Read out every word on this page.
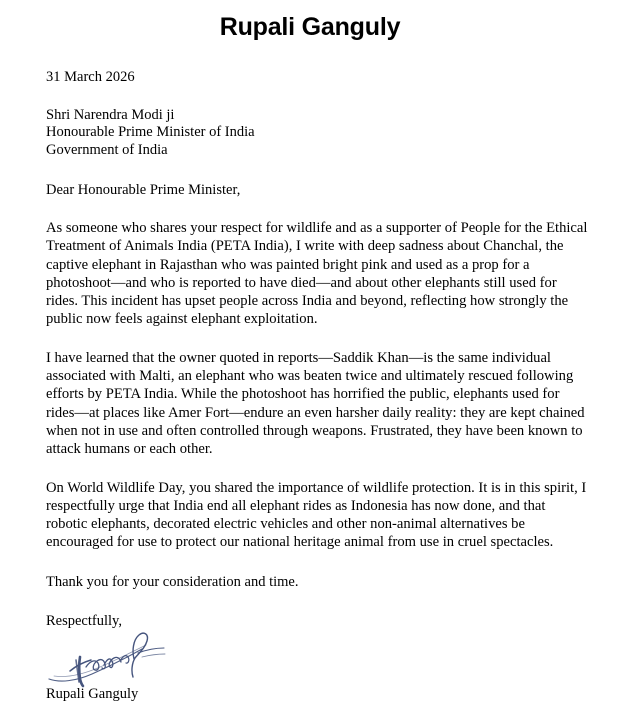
Rupali Ganguly
31 March 2026
Shri Narendra Modi ji
Honourable Prime Minister of India
Government of India
Dear Honourable Prime Minister,
As someone who shares your respect for wildlife and as a supporter of People for the Ethical Treatment of Animals India (PETA India), I write with deep sadness about Chanchal, the captive elephant in Rajasthan who was painted bright pink and used as a prop for a photoshoot—and who is reported to have died—and about other elephants still used for rides. This incident has upset people across India and beyond, reflecting how strongly the public now feels against elephant exploitation.
I have learned that the owner quoted in reports—Saddik Khan—is the same individual associated with Malti, an elephant who was beaten twice and ultimately rescued following efforts by PETA India. While the photoshoot has horrified the public, elephants used for rides—at places like Amer Fort—endure an even harsher daily reality: they are kept chained when not in use and often controlled through weapons. Frustrated, they have been known to attack humans or each other.
On World Wildlife Day, you shared the importance of wildlife protection. It is in this spirit, I respectfully urge that India end all elephant rides as Indonesia has now done, and that robotic elephants, decorated electric vehicles and other non-animal alternatives be encouraged for use to protect our national heritage animal from use in cruel spectacles.
Thank you for your consideration and time.
Respectfully,
Rupali Ganguly
